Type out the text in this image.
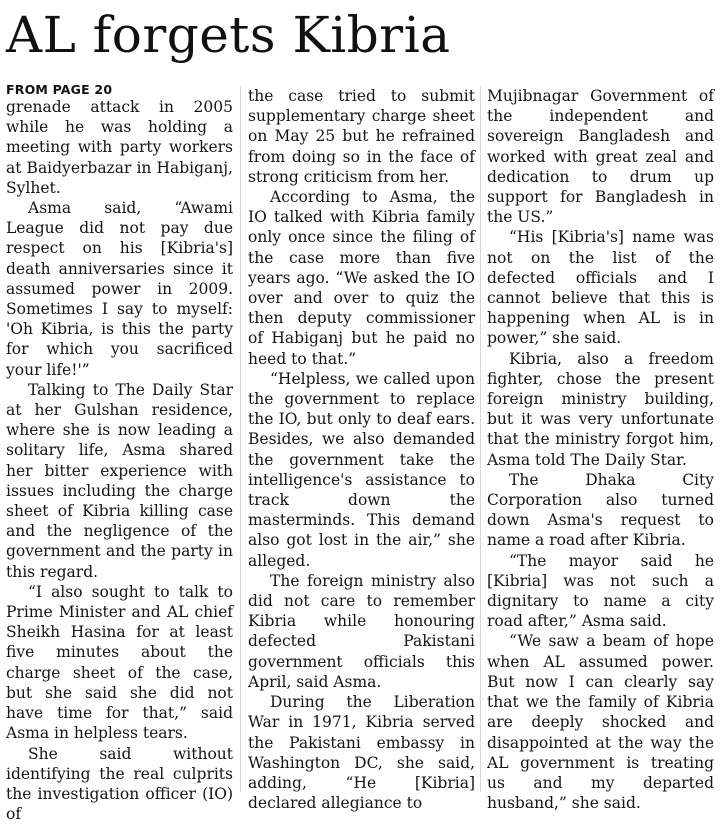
AL forgets Kibria
FROM PAGE 20

grenade attack in 2005 while he was holding a meeting with party workers at Baidyerbazar in Habiganj, Sylhet.

Asma said, “Awami League did not pay due respect on his [Kibria's] death anniversaries since it assumed power in 2009. Sometimes I say to myself: 'Oh Kibria, is this the party for which you sacrificed your life!'”

Talking to The Daily Star at her Gulshan residence, where she is now leading a solitary life, Asma shared her bitter experience with issues including the charge sheet of Kibria killing case and the negligence of the government and the party in this regard.

“I also sought to talk to Prime Minister and AL chief Sheikh Hasina for at least five minutes about the charge sheet of the case, but she said she did not have time for that,” said Asma in helpless tears.

She said without identifying the real culprits the investigation officer (IO) of

the case tried to submit supplementary charge sheet on May 25 but he refrained from doing so in the face of strong criticism from her.

According to Asma, the IO talked with Kibria family only once since the filing of the case more than five years ago. “We asked the IO over and over to quiz the then deputy commissioner of Habiganj but he paid no heed to that.”

“Helpless, we called upon the government to replace the IO, but only to deaf ears. Besides, we also demanded the government take the intelligence's assistance to track down the masterminds. This demand also got lost in the air,” she alleged.

The foreign ministry also did not care to remember Kibria while honouring defected Pakistani government officials this April, said Asma.

During the Liberation War in 1971, Kibria served the Pakistani embassy in Washington DC, she said, adding, “He [Kibria] declared allegiance to

Mujibnagar Government of the independent and sovereign Bangladesh and worked with great zeal and dedication to drum up support for Bangladesh in the US.”

“His [Kibria's] name was not on the list of the defected officials and I cannot believe that this is happening when AL is in power,” she said.

Kibria, also a freedom fighter, chose the present foreign ministry building, but it was very unfortunate that the ministry forgot him, Asma told The Daily Star.

The Dhaka City Corporation also turned down Asma's request to name a road after Kibria.

“The mayor said he [Kibria] was not such a dignitary to name a city road after,” Asma said.

“We saw a beam of hope when AL assumed power. But now I can clearly say that we the family of Kibria are deeply shocked and disappointed at the way the AL government is treating us and my departed husband,” she said.
